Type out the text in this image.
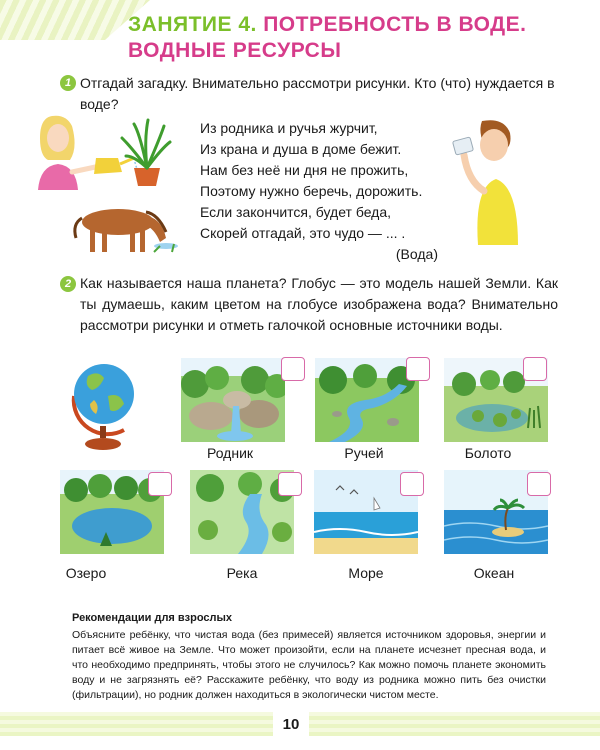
ЗАНЯТИЕ 4. ПОТРЕБНОСТЬ В ВОДЕ.
ВОДНЫЕ РЕСУРСЫ
1 Отгадай загадку. Внимательно рассмотри рисунки. Кто (что) нуждается в воде?
Из родника и ручья журчит,
Из крана и душа в доме бежит.
Нам без неё ни дня не прожить,
Поэтому нужно беречь, дорожить.
Если закончится, будет беда,
Скорей отгадай, это чудо — ... .
(Вода)
2 Как называется наша планета? Глобус — это модель нашей Земли. Как ты думаешь, каким цветом на глобусе изображена вода? Внимательно рассмотри рисунки и отметь галочкой основные источники воды.
Родник	Ручей	Болото
Озеро	Река	Море	Океан
Рекомендации для взрослых
Объясните ребёнку, что чистая вода (без примесей) является источником здоровья, энергии и питает всё живое на Земле. Что может произойти, если на планете исчезнет пресная вода, и что необходимо предпринять, чтобы этого не случилось? Как можно помочь планете экономить воду и не загрязнять её? Расскажите ребёнку, что воду из родника можно пить без очистки (фильтрации), но родник должен находиться в экологически чистом месте.
10
